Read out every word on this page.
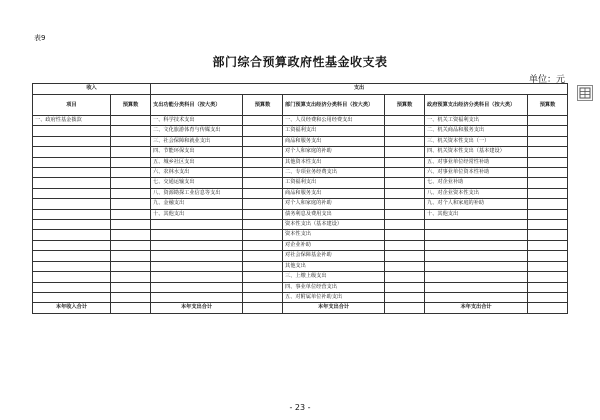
表9
部门综合预算政府性基金收支表
单位：元
收入		支出					
项目	预算数	支出功能分类科目（按大类）	预算数	部门预算支出经济分类科目（按大类）	预算数	政府预算支出经济分类科目（按大类）	预算数
一、政府性基金拨款		一、科学技术支出		一、人员经费和公用经费支出		一、机关工资福利支出	
		二、文化旅游体育与传媒支出		工资福利支出		二、机关商品和服务支出	
		三、社会保障和就业支出		商品和服务支出		三、机关资本性支出（一）	
		四、节能环保支出		对个人和家庭的补助		四、机关资本性支出（基本建设）	
		五、城乡社区支出		其他资本性支出		五、对事业单位经常性补助	
		六、农林水支出		二、专项业务经费支出		六、对事业单位资本性补助	
		七、交通运输支出		工资福利支出		七、对企业补助	
		八、资源勘探工业信息等支出		商品和服务支出		八、对企业资本性支出	
		九、金融支出		对个人和家庭的补助		九、对个人和家庭的补助	
		十、其他支出		债务利息及费用支出		十、其他支出	
				资本性支出（基本建设）			
				资本性支出			
				对企业补助			
				对社会保障基金补助			
				其他支出			
				三、上缴上级支出			
				四、事业单位经营支出			
				五、对附属单位补助支出			
本年收入合计		本年支出合计		本年支出合计		本年支出合计	
- 23 -
